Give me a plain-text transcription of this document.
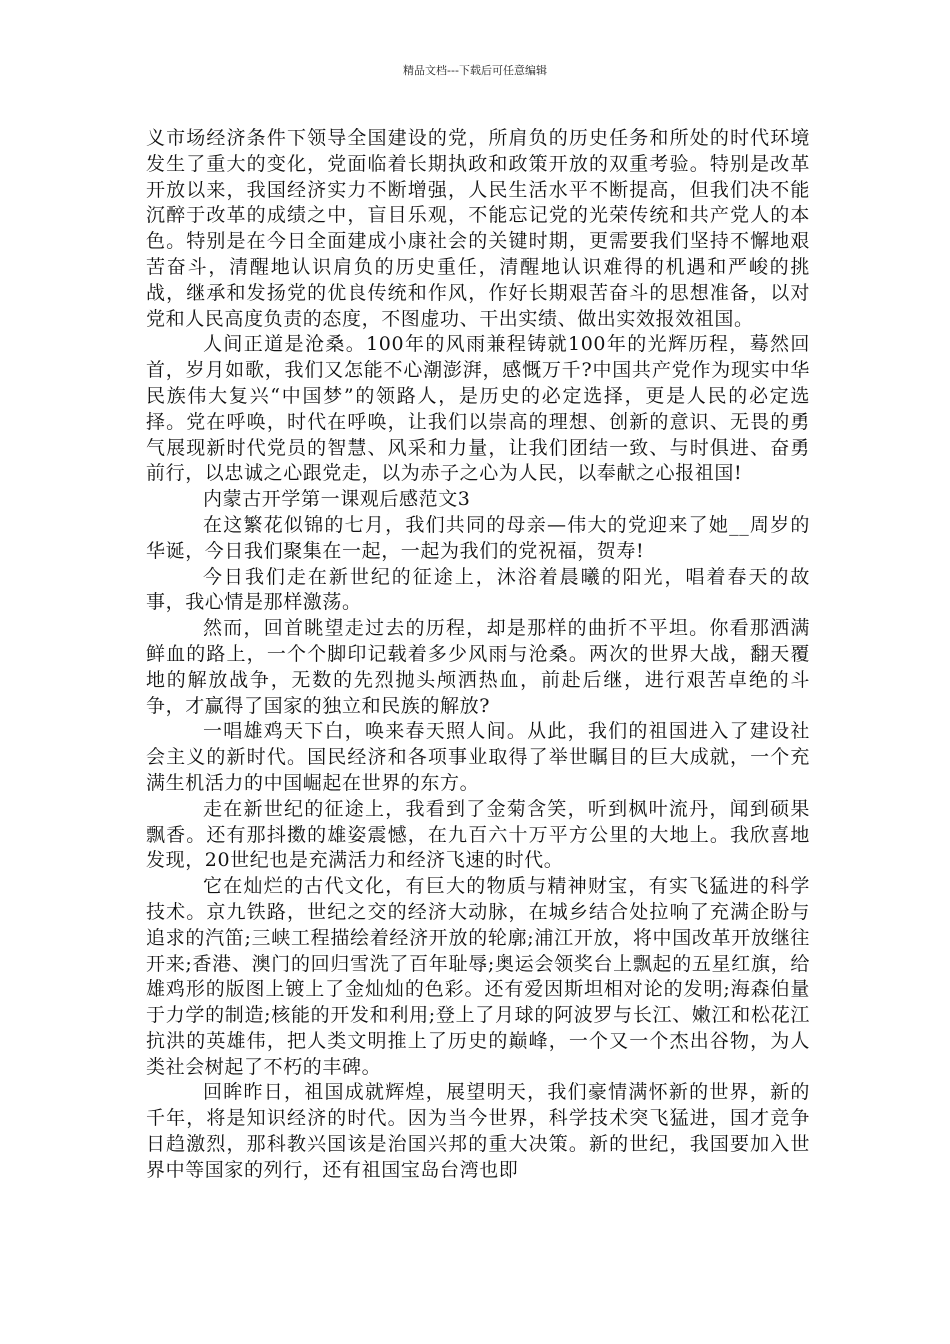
精品文档---下载后可任意编辑

义市场经济条件下领导全国建设的党，所肩负的历史任务和所处的时代环境发生了重大的变化，党面临着长期执政和政策开放的双重考验。特别是改革开放以来，我国经济实力不断增强，人民生活水平不断提高，但我们决不能沉醉于改革的成绩之中，盲目乐观，不能忘记党的光荣传统和共产党人的本色。特别是在今日全面建成小康社会的关键时期，更需要我们坚持不懈地艰苦奋斗，清醒地认识肩负的历史重任，清醒地认识难得的机遇和严峻的挑战，继承和发扬党的优良传统和作风，作好长期艰苦奋斗的思想准备，以对党和人民高度负责的态度，不图虚功、干出实绩、做出实效报效祖国。

人间正道是沧桑。100年的风雨兼程铸就100年的光辉历程，蓦然回首，岁月如歌，我们又怎能不心潮澎湃，感慨万千?中国共产党作为现实中华民族伟大复兴“中国梦”的领路人，是历史的必定选择，更是人民的必定选择。党在呼唤，时代在呼唤，让我们以崇高的理想、创新的意识、无畏的勇气展现新时代党员的智慧、风采和力量，让我们团结一致、与时俱进、奋勇前行，以忠诚之心跟党走，以为赤子之心为人民，以奉献之心报祖国!

内蒙古开学第一课观后感范文3

在这繁花似锦的七月，我们共同的母亲—伟大的党迎来了她__周岁的华诞，今日我们聚集在一起，一起为我们的党祝福，贺寿!

今日我们走在新世纪的征途上，沐浴着晨曦的阳光，唱着春天的故事，我心情是那样激荡。

然而，回首眺望走过去的历程，却是那样的曲折不平坦。你看那洒满鲜血的路上，一个个脚印记载着多少风雨与沧桑。两次的世界大战，翻天覆地的解放战争，无数的先烈抛头颅洒热血，前赴后继，进行艰苦卓绝的斗争，才赢得了国家的独立和民族的解放?

一唱雄鸡天下白，唤来春天照人间。从此，我们的祖国进入了建设社会主义的新时代。国民经济和各项事业取得了举世瞩目的巨大成就，一个充满生机活力的中国崛起在世界的东方。

走在新世纪的征途上，我看到了金菊含笑，听到枫叶流丹，闻到硕果飘香。还有那抖擞的雄姿震憾，在九百六十万平方公里的大地上。我欣喜地发现，20世纪也是充满活力和经济飞速的时代。

它在灿烂的古代文化，有巨大的物质与精神财宝，有实飞猛进的科学技术。京九铁路，世纪之交的经济大动脉，在城乡结合处拉响了充满企盼与追求的汽笛;三峡工程描绘着经济开放的轮廓;浦江开放，将中国改革开放继往开来;香港、澳门的回归雪洗了百年耻辱;奥运会领奖台上飘起的五星红旗，给雄鸡形的版图上镀上了金灿灿的色彩。还有爱因斯坦相对论的发明;海森伯量于力学的制造;核能的开发和利用;登上了月球的阿波罗与长江、嫩江和松花江抗洪的英雄伟，把人类文明推上了历史的巅峰，一个又一个杰出谷物，为人类社会树起了不朽的丰碑。

回眸昨日，祖国成就辉煌，展望明天，我们豪情满怀新的世界，新的千年，将是知识经济的时代。因为当今世界，科学技术突飞猛进，国才竞争日趋激烈，那科教兴国该是治国兴邦的重大决策。新的世纪，我国要加入世界中等国家的列行，还有祖国宝岛台湾也即
